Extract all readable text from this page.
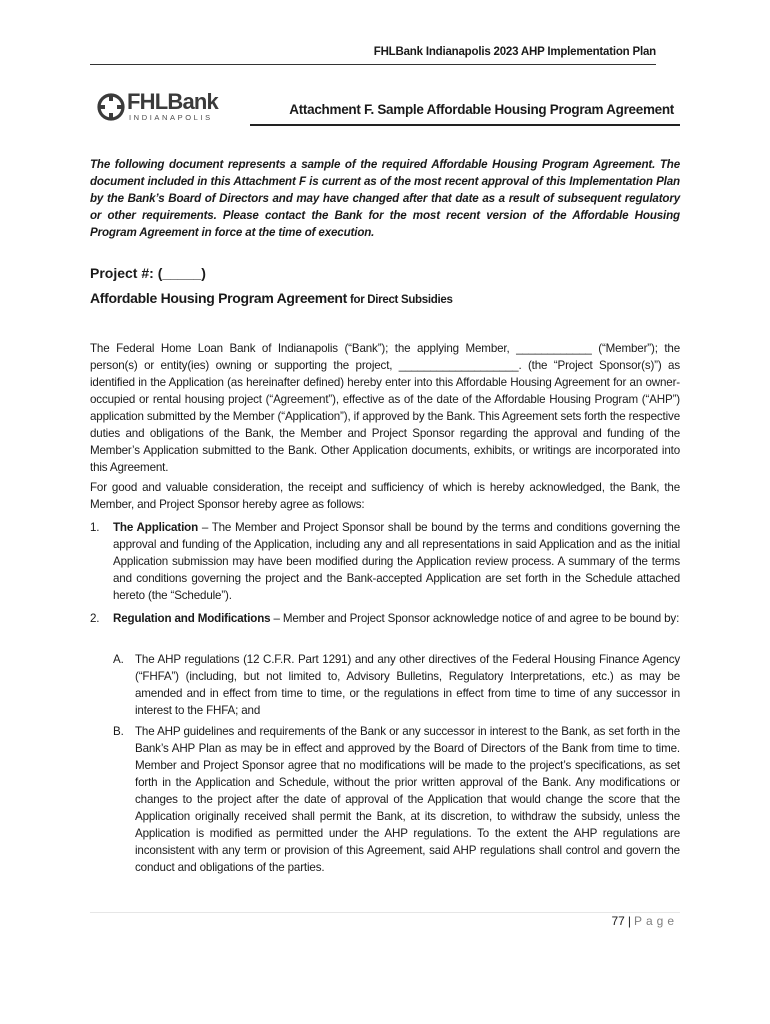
FHLBank Indianapolis 2023 AHP Implementation Plan
FHLBank
INDIANAPOLIS
Attachment F. Sample Affordable Housing Program Agreement
The following document represents a sample of the required Affordable Housing Program Agreement. The document included in this Attachment F is current as of the most recent approval of this Implementation Plan by the Bank’s Board of Directors and may have changed after that date as a result of subsequent regulatory or other requirements. Please contact the Bank for the most recent version of the Affordable Housing Program Agreement in force at the time of execution.
Project #: (_____)
Affordable Housing Program Agreement for Direct Subsidies
The Federal Home Loan Bank of Indianapolis (“Bank”); the applying Member, ____________ (“Member”); the person(s) or entity(ies) owning or supporting the project, ___________________. (the “Project Sponsor(s)”) as identified in the Application (as hereinafter defined) hereby enter into this Affordable Housing Agreement for an owner-occupied or rental housing project (“Agreement”), effective as of the date of the Affordable Housing Program (“AHP”) application submitted by the Member (“Application”), if approved by the Bank. This Agreement sets forth the respective duties and obligations of the Bank, the Member and Project Sponsor regarding the approval and funding of the Member’s Application submitted to the Bank. Other Application documents, exhibits, or writings are incorporated into this Agreement.
For good and valuable consideration, the receipt and sufficiency of which is hereby acknowledged, the Bank, the Member, and Project Sponsor hereby agree as follows:
1.	The Application – The Member and Project Sponsor shall be bound by the terms and conditions governing the approval and funding of the Application, including any and all representations in said Application and as the initial Application submission may have been modified during the Application review process. A summary of the terms and conditions governing the project and the Bank-accepted Application are set forth in the Schedule attached hereto (the “Schedule”).
2.	Regulation and Modifications – Member and Project Sponsor acknowledge notice of and agree to be bound by:
A. The AHP regulations (12 C.F.R. Part 1291) and any other directives of the Federal Housing Finance Agency (“FHFA”) (including, but not limited to, Advisory Bulletins, Regulatory Interpretations, etc.) as may be amended and in effect from time to time, or the regulations in effect from time to time of any successor in interest to the FHFA; and
B. The AHP guidelines and requirements of the Bank or any successor in interest to the Bank, as set forth in the Bank’s AHP Plan as may be in effect and approved by the Board of Directors of the Bank from time to time. Member and Project Sponsor agree that no modifications will be made to the project’s specifications, as set forth in the Application and Schedule, without the prior written approval of the Bank. Any modifications or changes to the project after the date of approval of the Application that would change the score that the Application originally received shall permit the Bank, at its discretion, to withdraw the subsidy, unless the Application is modified as permitted under the AHP regulations. To the extent the AHP regulations are inconsistent with any term or provision of this Agreement, said AHP regulations shall control and govern the conduct and obligations of the parties.
77 | Page
